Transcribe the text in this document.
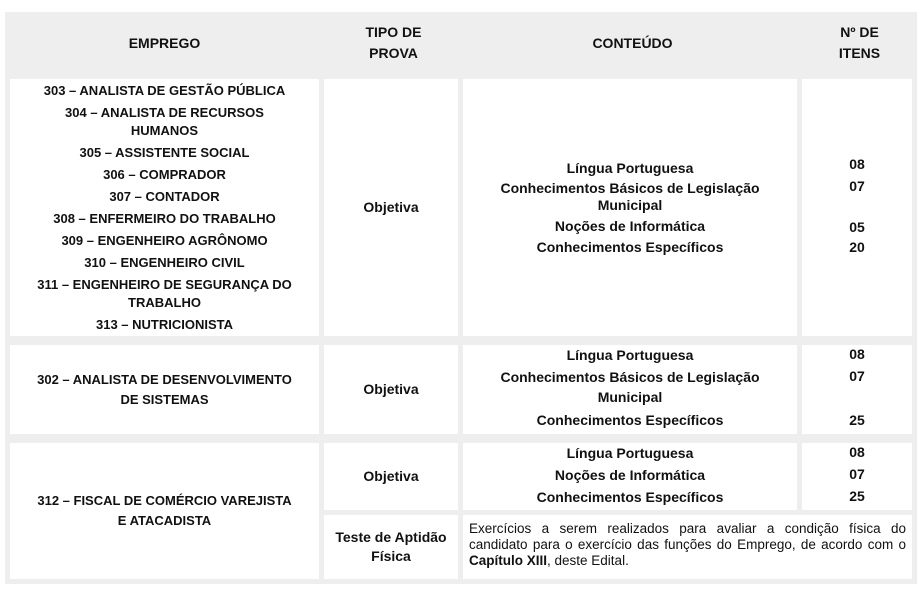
EMPREGO
TIPO DE
PROVA
CONTEÚDO
Nº DE
ITENS
303 – ANALISTA DE GESTÃO PÚBLICA
304 – ANALISTA DE RECURSOS
HUMANOS
305 – ASSISTENTE SOCIAL
306 – COMPRADOR
307 – CONTADOR
308 – ENFERMEIRO DO TRABALHO
309 – ENGENHEIRO AGRÔNOMO
310 – ENGENHEIRO CIVIL
311 – ENGENHEIRO DE SEGURANÇA DO
TRABALHO
313 – NUTRICIONISTA
Objetiva
Língua Portuguesa
Conhecimentos Básicos de Legislação
Municipal
Noções de Informática
Conhecimentos Específicos
08
07
05
20
302 – ANALISTA DE DESENVOLVIMENTO
DE SISTEMAS
Objetiva
Língua Portuguesa
Conhecimentos Básicos de Legislação
Municipal
Conhecimentos Específicos
08
07
25
312 – FISCAL DE COMÉRCIO VAREJISTA
E ATACADISTA
Objetiva
Língua Portuguesa
Noções de Informática
Conhecimentos Específicos
08
07
25
Teste de Aptidão
Física
Exercícios a serem realizados para avaliar a condição física do candidato para o exercício das funções do Emprego, de acordo com o Capítulo XIII, deste Edital.
